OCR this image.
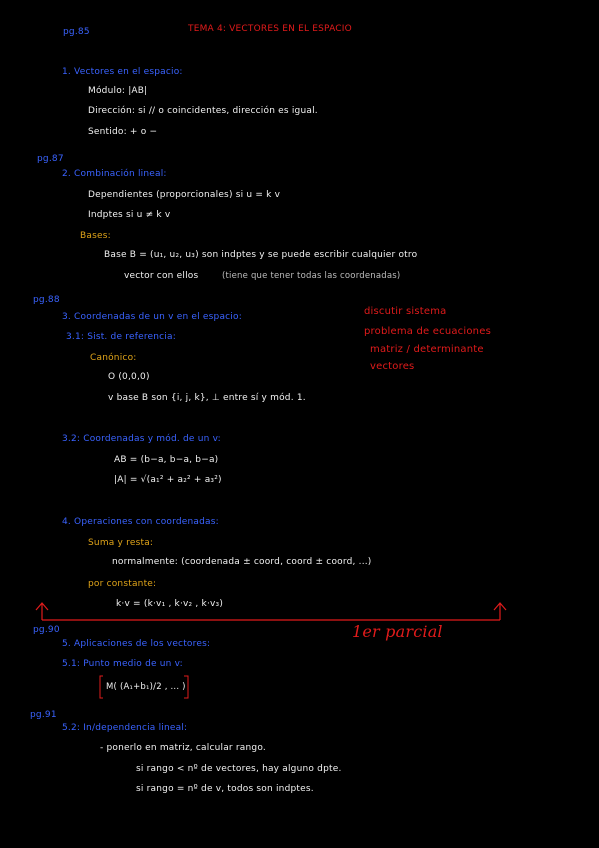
pg.85	TEMA 4: VECTORES EN EL ESPACIO
1. Vectores en el espacio:
Módulo: |AB|
Dirección: si // o coincidentes, dirección es igual.
Sentido: + o −
pg.87
2. Combinación lineal:
Dependientes (proporcionales) si u = k v
Indptes si u ≠ k v
Bases:
Base B = (u₁, u₂, u₃) son indptes y se puede escribir cualquier otro
vector con ellos	(tiene que tener todas las coordenadas)
pg.88
3. Coordenadas de un v en el espacio:
3.1: Sist. de referencia:
Canónico:
O (0,0,0)
v base B son {i, j, k}, ⊥ entre sí y mód. 1.
discutir sistema
problema de ecuaciones
matriz / determinante
vectores
3.2: Coordenadas y mód. de un v:
AB = (b−a, b−a, b−a)
|A| = √(a₁² + a₂² + a₃²)
4. Operaciones con coordenadas:
Suma y resta:
normalmente: (coordenada ± coord, coord ± coord, ...)
por constante:
k·v = (k·v₁ , k·v₂ , k·v₃)
1er parcial
pg.90
5. Aplicaciones de los vectores:
5.1: Punto medio de un v:
M( (A₁+b₁)/2 , ... )
pg.91
5.2: In/dependencia lineal:
- ponerlo en matriz, calcular rango.
si rango < nº de vectores, hay alguno dpte.
si rango = nº de v, todos son indptes.
